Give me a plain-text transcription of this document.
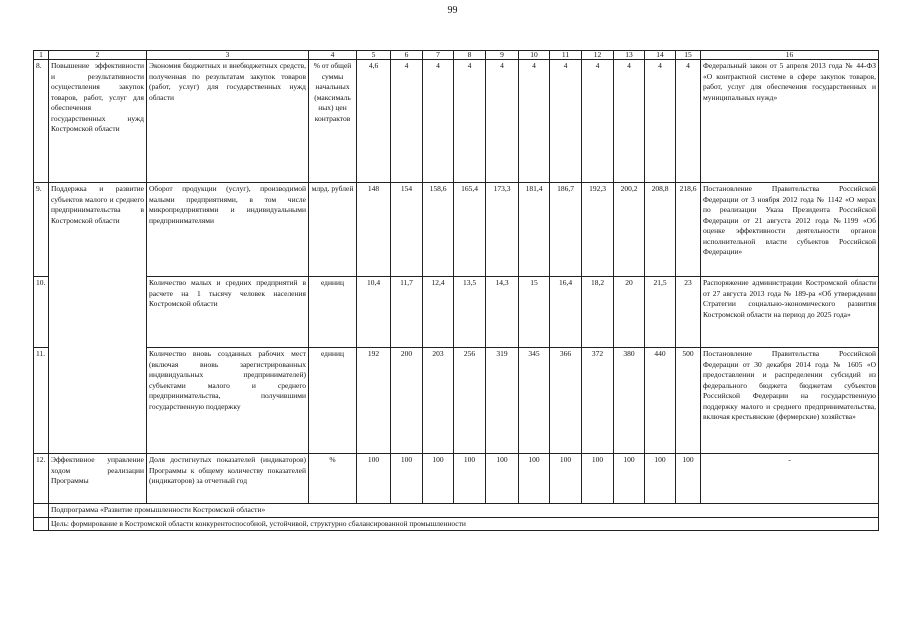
99
1	2	3	4	5	6	7	8	9	10	11	12	13	14	15	16
8.	Повышение эффективности и результативности осуществления закупок товаров, работ, услуг для обеспечения государственных нужд Костромской области	Экономия бюджетных и внебюджетных средств, полученная по результатам закупок товаров (работ, услуг) для государственных нужд области	% от общей суммы начальных (максималь ных) цен контрактов	4,6	4	4	4	4	4	4	4	4	4	4	Федеральный закон от 5 апреля 2013 года № 44-ФЗ «О контрактной системе в сфере закупок товаров, работ, услуг для обеспечения государственных и муниципальных нужд»
9.	Поддержка и развитие субъектов малого и среднего предпринимательства в Костромской области	Оборот продукции (услуг), производимой малыми предприятиями, в том числе микропредприятиями и индивидуальными предпринимателями	млрд. рублей	148	154	158,6	165,4	173,3	181,4	186,7	192,3	200,2	208,8	218,6	Постановление Правительства Российской Федерации от 3 ноября 2012 года № 1142 «О мерах по реализации Указа Президента Российской Федерации от 21 августа 2012 года №1199 «Об оценке эффективности деятельности органов исполнительной власти субъектов Российской Федерации»
10.		Количество малых и средних предприятий в расчете на 1 тысячу человек населения Костромской области	единиц	10,4	11,7	12,4	13,5	14,3	15	16,4	18,2	20	21,5	23	Распоряжение администрации Костромской области от 27 августа 2013 года № 189-ра «Об утверждении Стратегии социально-экономического развития Костромской области на период до 2025 года»
11.		Количество вновь созданных рабочих мест (включая вновь зарегистрированных индивидуальных предпринимателей) субъектами малого и среднего предпринимательства, получившими государственную поддержку	единиц	192	200	203	256	319	345	366	372	380	440	500	Постановление Правительства Российской Федерации от 30 декабря 2014 года № 1605 «О предоставлении и распределении субсидий из федерального бюджета бюджетам субъектов Российской Федерации на государственную поддержку малого и среднего предпринимательства, включая крестьянские (фермерские) хозяйства»
12.	Эффективное управление ходом реализации Программы	Доля достигнутых показателей (индикаторов) Программы к общему количеству показателей (индикаторов) за отчетный год	%	100	100	100	100	100	100	100	100	100	100	100	-
	Подпрограмма «Развитие промышленности Костромской области»														
	Цель: формирование в Костромской области конкурентоспособной, устойчивой, структурно сбалансированной промышленности														
